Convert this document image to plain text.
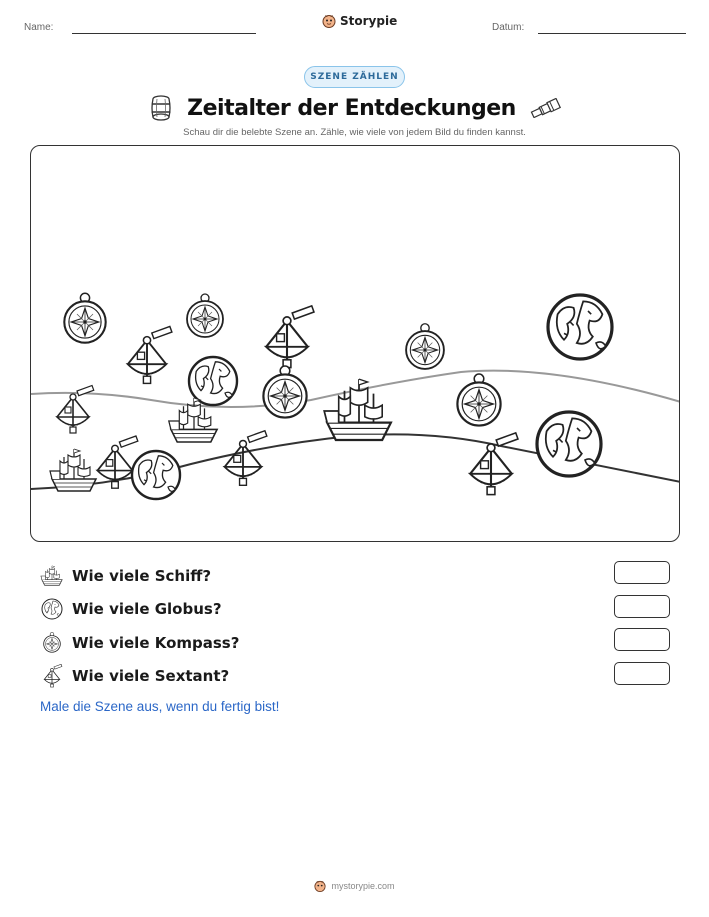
Name:	Storypie	Datum:
SZENE ZÄHLEN
Zeitalter der Entdeckungen
Schau dir die belebte Szene an. Zähle, wie viele von jedem Bild du finden kannst.
Wie viele Schiff?
Wie viele Globus?
Wie viele Kompass?
Wie viele Sextant?
Male die Szene aus, wenn du fertig bist!
mystorypie.com
